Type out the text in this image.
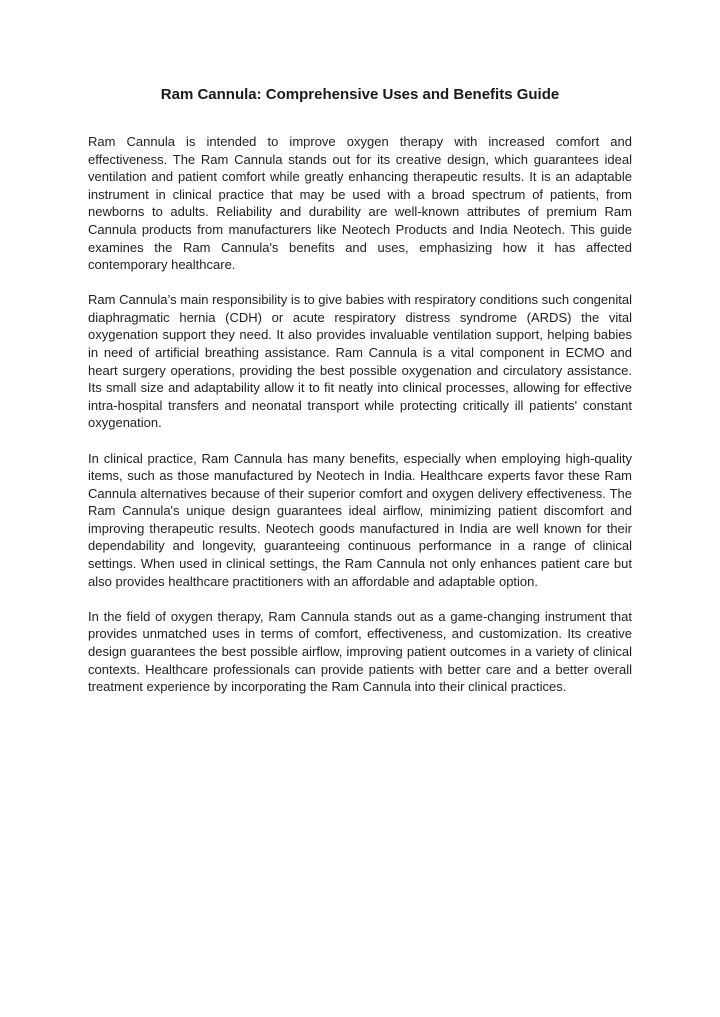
Ram Cannula: Comprehensive Uses and Benefits Guide

Ram Cannula is intended to improve oxygen therapy with increased comfort and effectiveness. The Ram Cannula stands out for its creative design, which guarantees ideal ventilation and patient comfort while greatly enhancing therapeutic results. It is an adaptable instrument in clinical practice that may be used with a broad spectrum of patients, from newborns to adults. Reliability and durability are well-known attributes of premium Ram Cannula products from manufacturers like Neotech Products and India Neotech. This guide examines the Ram Cannula's benefits and uses, emphasizing how it has affected contemporary healthcare.

Ram Cannula’s main responsibility is to give babies with respiratory conditions such congenital diaphragmatic hernia (CDH) or acute respiratory distress syndrome (ARDS) the vital oxygenation support they need. It also provides invaluable ventilation support, helping babies in need of artificial breathing assistance. Ram Cannula is a vital component in ECMO and heart surgery operations, providing the best possible oxygenation and circulatory assistance. Its small size and adaptability allow it to fit neatly into clinical processes, allowing for effective intra-hospital transfers and neonatal transport while protecting critically ill patients' constant oxygenation.

In clinical practice, Ram Cannula has many benefits, especially when employing high-quality items, such as those manufactured by Neotech in India. Healthcare experts favor these Ram Cannula alternatives because of their superior comfort and oxygen delivery effectiveness. The Ram Cannula's unique design guarantees ideal airflow, minimizing patient discomfort and improving therapeutic results. Neotech goods manufactured in India are well known for their dependability and longevity, guaranteeing continuous performance in a range of clinical settings. When used in clinical settings, the Ram Cannula not only enhances patient care but also provides healthcare practitioners with an affordable and adaptable option.

In the field of oxygen therapy, Ram Cannula stands out as a game-changing instrument that provides unmatched uses in terms of comfort, effectiveness, and customization. Its creative design guarantees the best possible airflow, improving patient outcomes in a variety of clinical contexts. Healthcare professionals can provide patients with better care and a better overall treatment experience by incorporating the Ram Cannula into their clinical practices.
